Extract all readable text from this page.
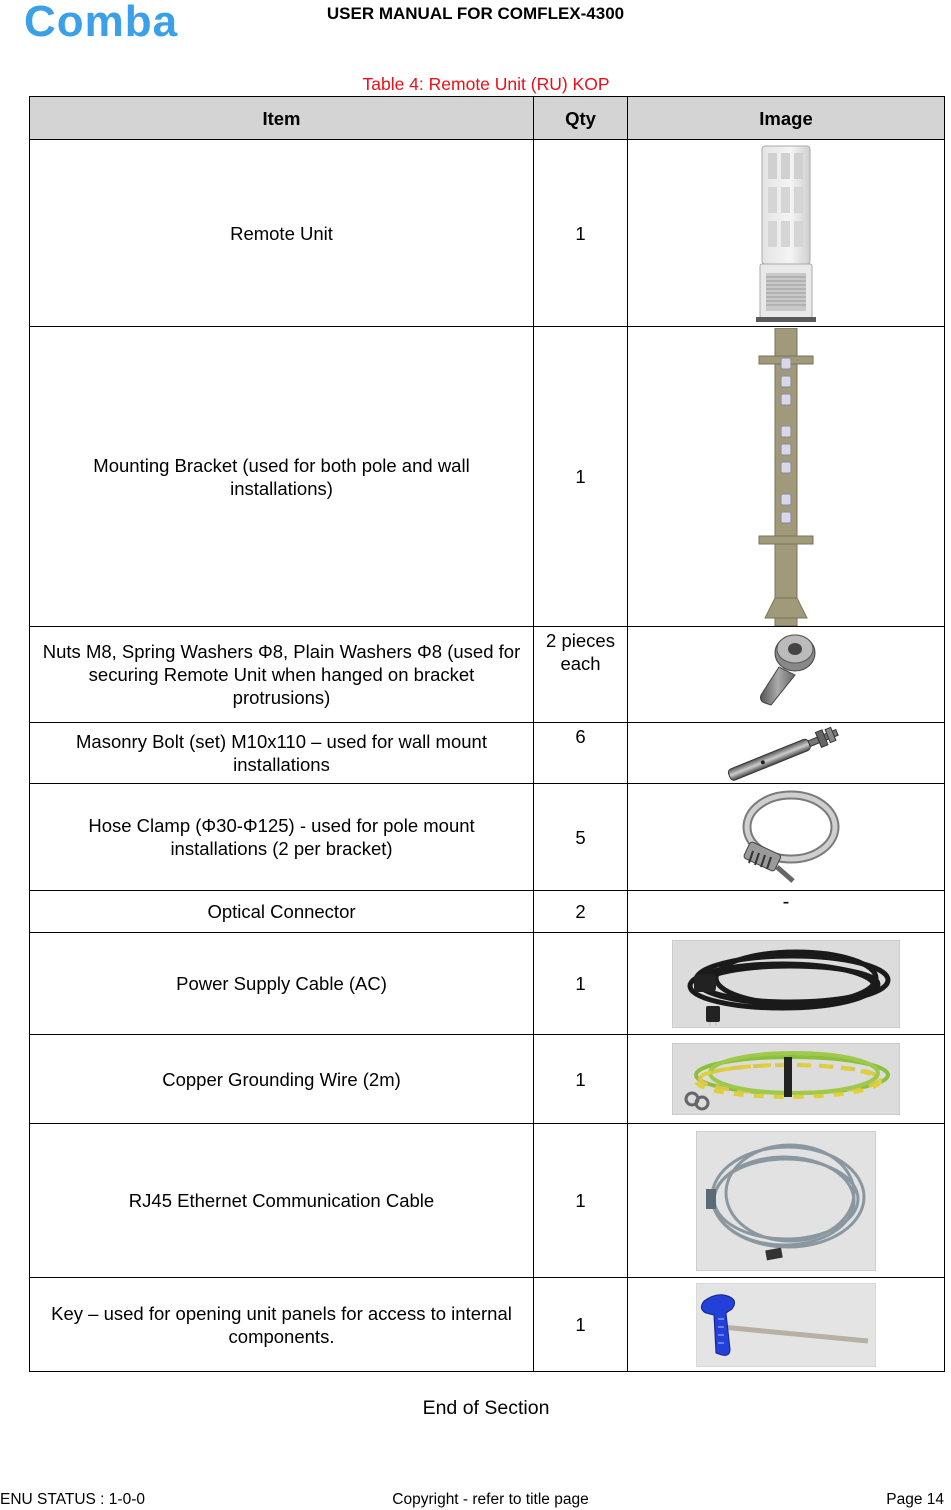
Comba	USER MANUAL FOR COMFLEX-4300
Table 4: Remote Unit (RU) KOP
Item	Qty	Image
Remote Unit	1	

Mounting Bracket (used for both pole and wall installations)	1	

Nuts M8, Spring Washers Φ8, Plain Washers Φ8 (used for securing Remote Unit when hanged on bracket protrusions)	2 pieces each	

Masonry Bolt (set) M10x110 – used for wall mount installations	6	

Hose Clamp (Φ30-Φ125) - used for pole mount installations (2 per bracket)	5	

Optical Connector	2	-
Power Supply Cable (AC)	1	

Copper Grounding Wire (2m)	1	

RJ45 Ethernet Communication Cable	1	

Key – used for opening unit panels for access to internal components.	1	
End of Section
ENU STATUS : 1-0-0	Copyright - refer to title page	Page 14
